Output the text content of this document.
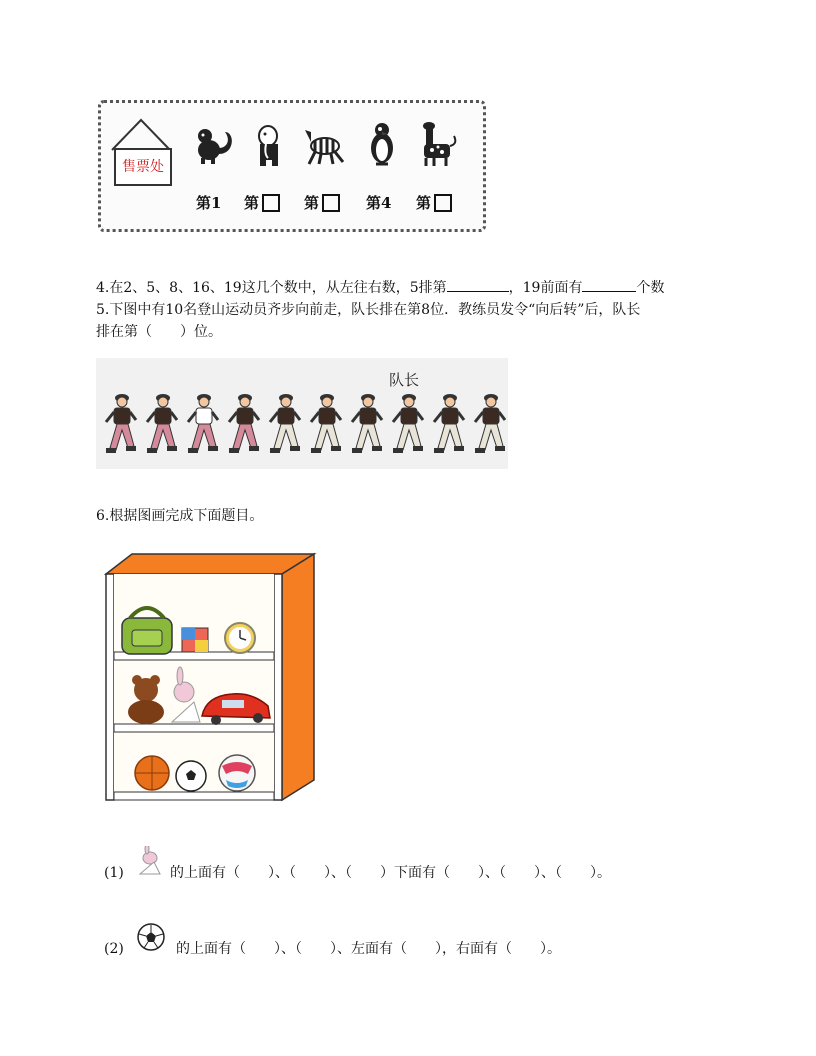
售票处
第1 第	第	第4 第
4.在2、5、8、16、19这几个数中，从左往右数，5排第	，19前面有	个数
5.下图中有10名登山运动员齐步向前走，队长排在第8位．教练员发令“向后转”后，队长
排在第（　　）位。
队长
6.根据图画完成下面题目。
(1)	的上面有（　　）、（　　）、（　　）下面有（　　）、（　　）、（　　）。
(2)	的上面有（　　）、（　　）、左面有（　　），右面有（　　）。
